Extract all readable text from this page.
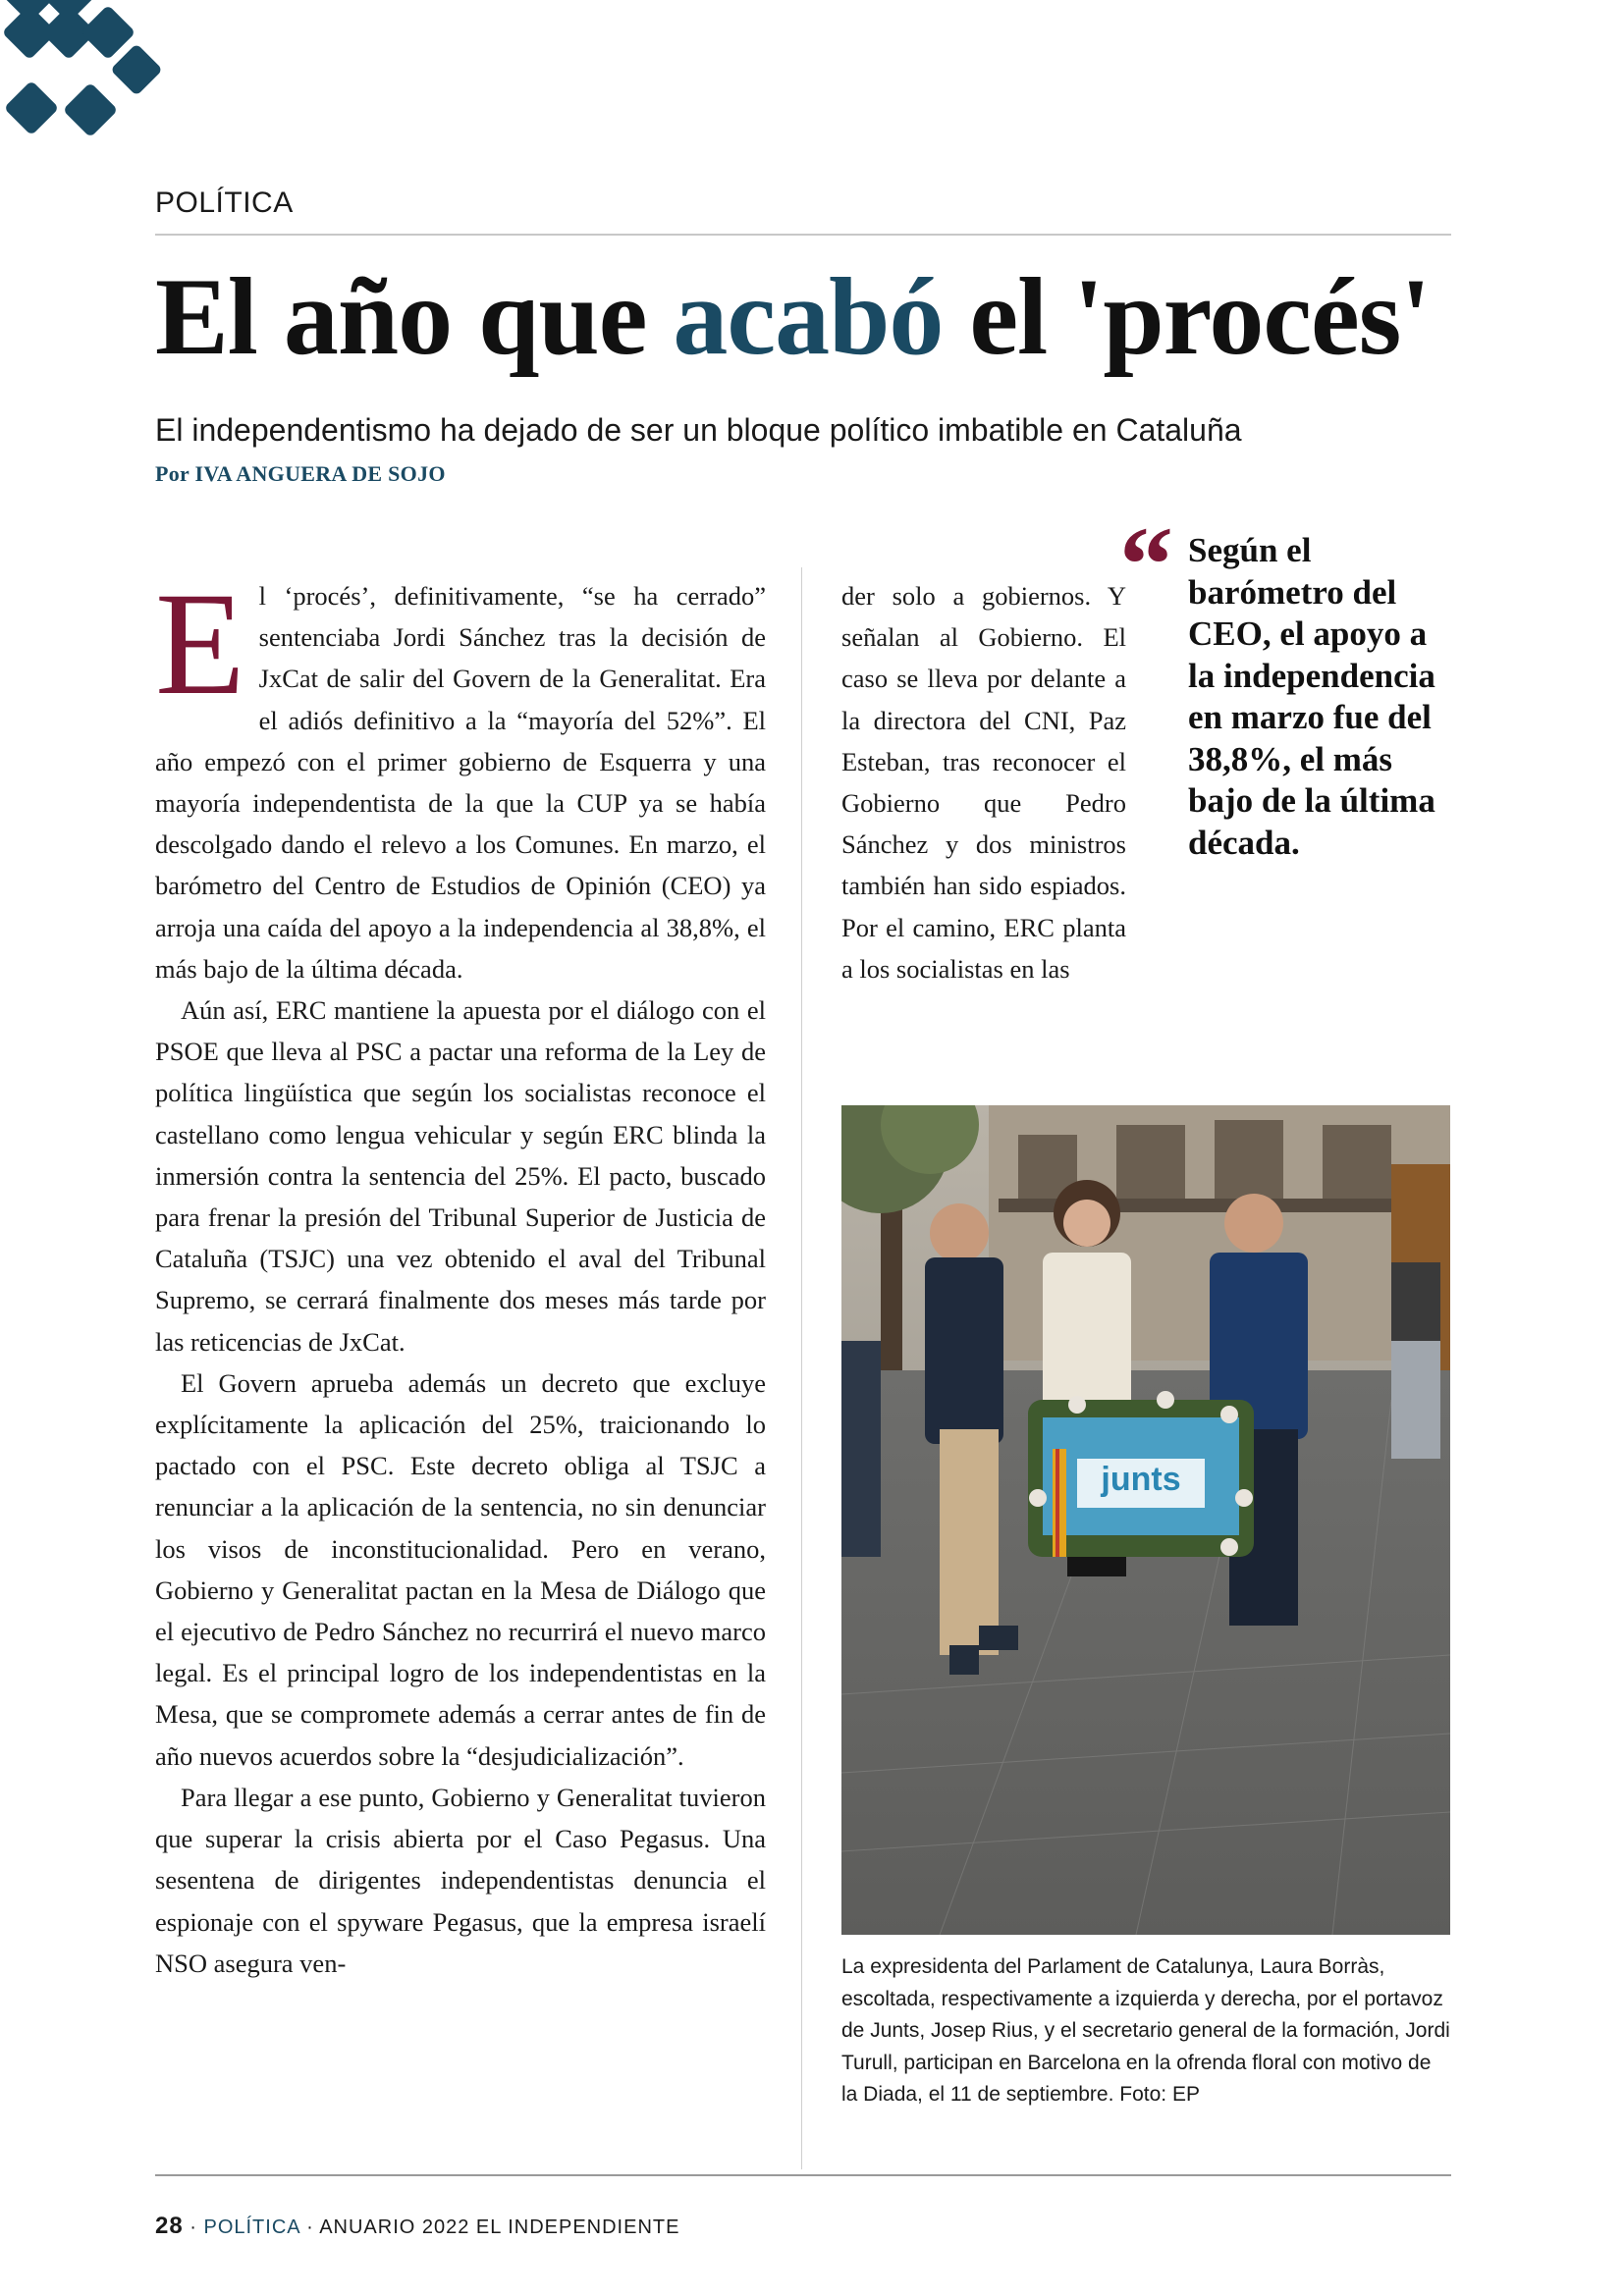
POLÍTICA
El año que acabó el 'procés'
El independentismo ha dejado de ser un bloque político imbatible en Cataluña
Por IVA ANGUERA DE SOJO

El ‘procés’, definitivamente, “se ha cerrado” sentenciaba Jordi Sánchez tras la decisión de JxCat de salir del Govern de la Generalitat. Era el adiós definitivo a la “mayoría del 52%”. El año empezó con el primer gobierno de Esquerra y una mayoría independentista de la que la CUP ya se había descolgado dando el relevo a los Comunes. En marzo, el barómetro del Centro de Estudios de Opinión (CEO) ya arroja una caída del apoyo a la independencia al 38,8%, el más bajo de la última década.

Aún así, ERC mantiene la apuesta por el diálogo con el PSOE que lleva al PSC a pactar una reforma de la Ley de política lingüística que según los socialistas reconoce el castellano como lengua vehicular y según ERC blinda la inmersión contra la sentencia del 25%. El pacto, buscado para frenar la presión del Tribunal Superior de Justicia de Cataluña (TSJC) una vez obtenido el aval del Tribunal Supremo, se cerrará finalmente dos meses más tarde por las reticencias de JxCat.

El Govern aprueba además un decreto que excluye explícitamente la aplicación del 25%, traicionando lo pactado con el PSC. Este decreto obliga al TSJC a renunciar a la aplicación de la sentencia, no sin denunciar los visos de inconstitucionalidad. Pero en verano, Gobierno y Generalitat pactan en la Mesa de Diálogo que el ejecutivo de Pedro Sánchez no recurrirá el nuevo marco legal. Es el principal logro de los independentistas en la Mesa, que se compromete además a cerrar antes de fin de año nuevos acuerdos sobre la “desjudicialización”.

Para llegar a ese punto, Gobierno y Generalitat tuvieron que superar la crisis abierta por el Caso Pegasus. Una sesentena de dirigentes independentistas denuncia el espionaje con el spyware Pegasus, que la empresa israelí NSO asegura ven-

der solo a gobiernos. Y señalan al Gobierno. El caso se lleva por delante a la directora del CNI, Paz Esteban, tras reconocer el Gobierno que Pedro Sánchez y dos ministros también han sido espiados. Por el camino, ERC planta a los socialistas en las
“ Según el barómetro del CEO, el apoyo a la independencia en marzo fue del 38,8%, el más bajo de la última década.
junts
La expresidenta del Parlament de Catalunya, Laura Borràs, escoltada, respectivamente a izquierda y derecha, por el portavoz de Junts, Josep Rius, y el secretario general de la formación, Jordi Turull, participan en Barcelona en la ofrenda floral con motivo de la Diada, el 11 de septiembre. Foto: EP
28 · POLÍTICA · ANUARIO 2022 EL INDEPENDIENTE
